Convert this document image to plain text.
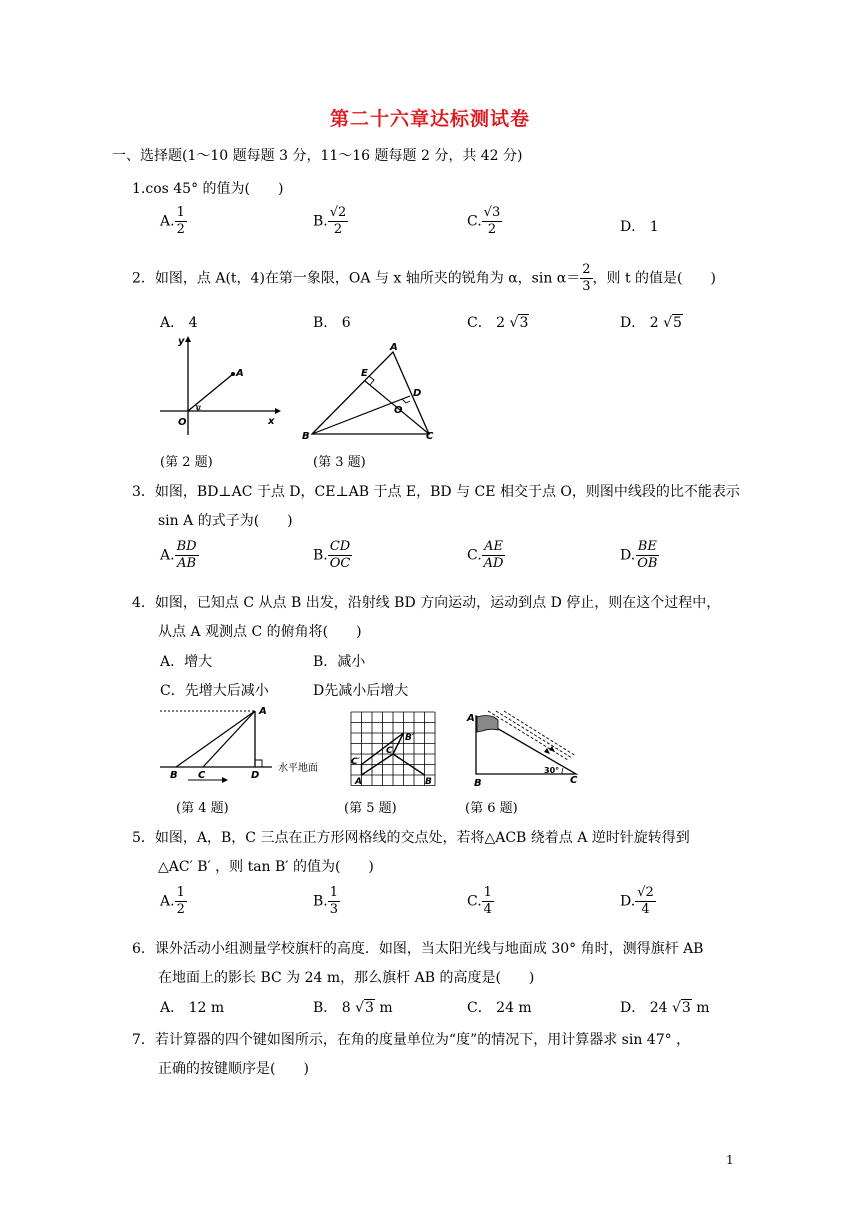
第二十六章达标测试卷
一、选择题(1～10 题每题 3 分，11～16 题每题 2 分，共 42 分)
1.cos 45° 的值为(　　)
A. $\frac{1}{2}$	B. $\frac{√2}{2}$	C. $\frac{√3}{2}$	D． 1
2．如图，点 A(t，4)在第一象限，OA 与 x 轴所夹的锐角为 α，$\sin \alpha= \frac{2}{3}$ ，则 t 的值是(　　)
A． 4	B． 6	C． 2 √3	D． 2 √5
y
x
O
A
α
(第 2 题)
A
B	C
D
E
O
(第 3 题)
3．如图，BD⊥AC 于点 D，CE⊥AB 于点 E，BD 与 CE 相交于点 O，则图中线段的比不能表示
sin A 的式子为(　　)
A. $\frac{BD}{AB}$	B. $\frac{CD}{OC}$	C. $\frac{AE}{AD}$	D. $\frac{BE}{OB}$
4．如图，已知点 C 从点 B 出发，沿射线 BD 方向运动，运动到点 D 停止，则在这个过程中，
从点 A 观测点 C 的俯角将(　　)
A．增大	B．减小
C．先增大后减小	D先减小后增大
A
B C	D
水平地面
(第 4 题)
A	B
C
B′
C′
(第 5 题)
A
B	C
30°
(第 6 题)
5．如图，A，B，C 三点在正方形网格线的交点处，若将△ACB 绕着点 A 逆时针旋转得到
△AC′ B′ ，则 tan B′ 的值为(　　)
A. $\frac{1}{2}$	B. $\frac{1}{3}$	C. $\frac{1}{4}$	D. $\frac{√2}{4}$
6．课外活动小组测量学校旗杆的高度．如图，当太阳光线与地面成 30° 角时，测得旗杆 AB
在地面上的影长 BC 为 24 m，那么旗杆 AB 的高度是(　　)
A． 12 m	B． 8 √3 m	C． 24 m	D． 24 √3 m
7．若计算器的四个键如图所示，在角的度量单位为“度”的情况下，用计算器求 sin 47° ，
正确的按键顺序是(　　)
1
